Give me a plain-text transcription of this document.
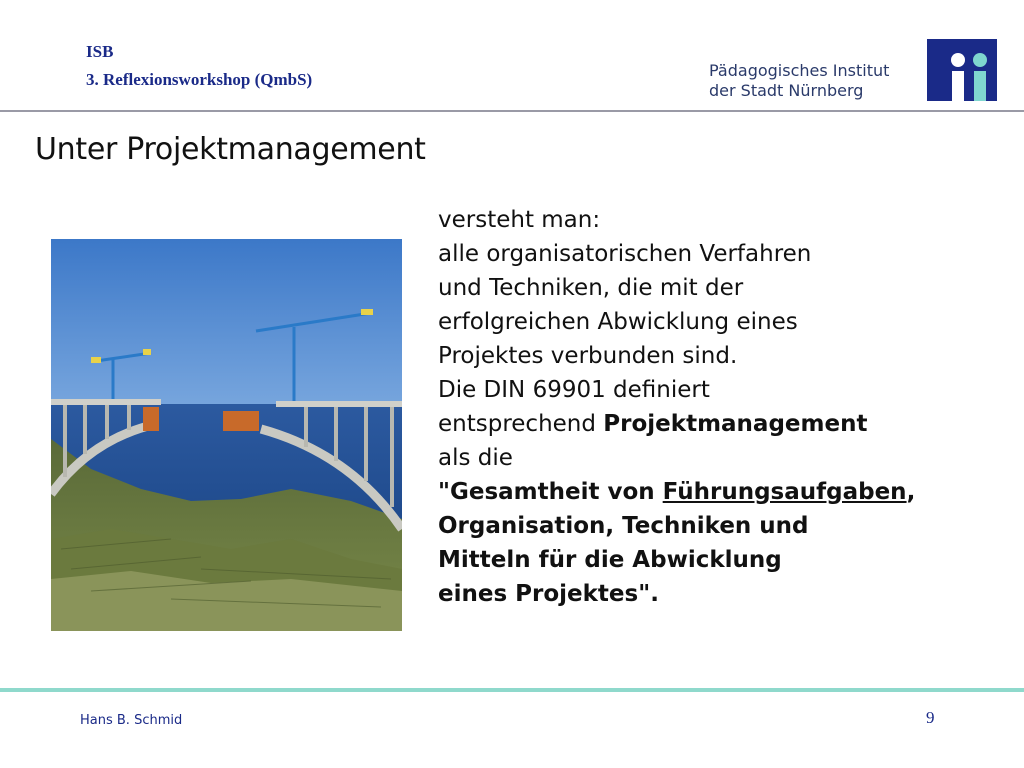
ISB
3. Reflexionsworkshop (QmbS)	Pädagogisches Institut
der Stadt Nürnberg
Unter Projektmanagement
versteht man:
alle organisatorischen Verfahren
und Techniken, die mit der
erfolgreichen Abwicklung eines
Projektes verbunden sind.
Die DIN 69901 definiert
entsprechend Projektmanagement
als die
"Gesamtheit von Führungsaufgaben,
Organisation, Techniken und
Mitteln für die Abwicklung
eines Projektes".
Hans B. Schmid	9
